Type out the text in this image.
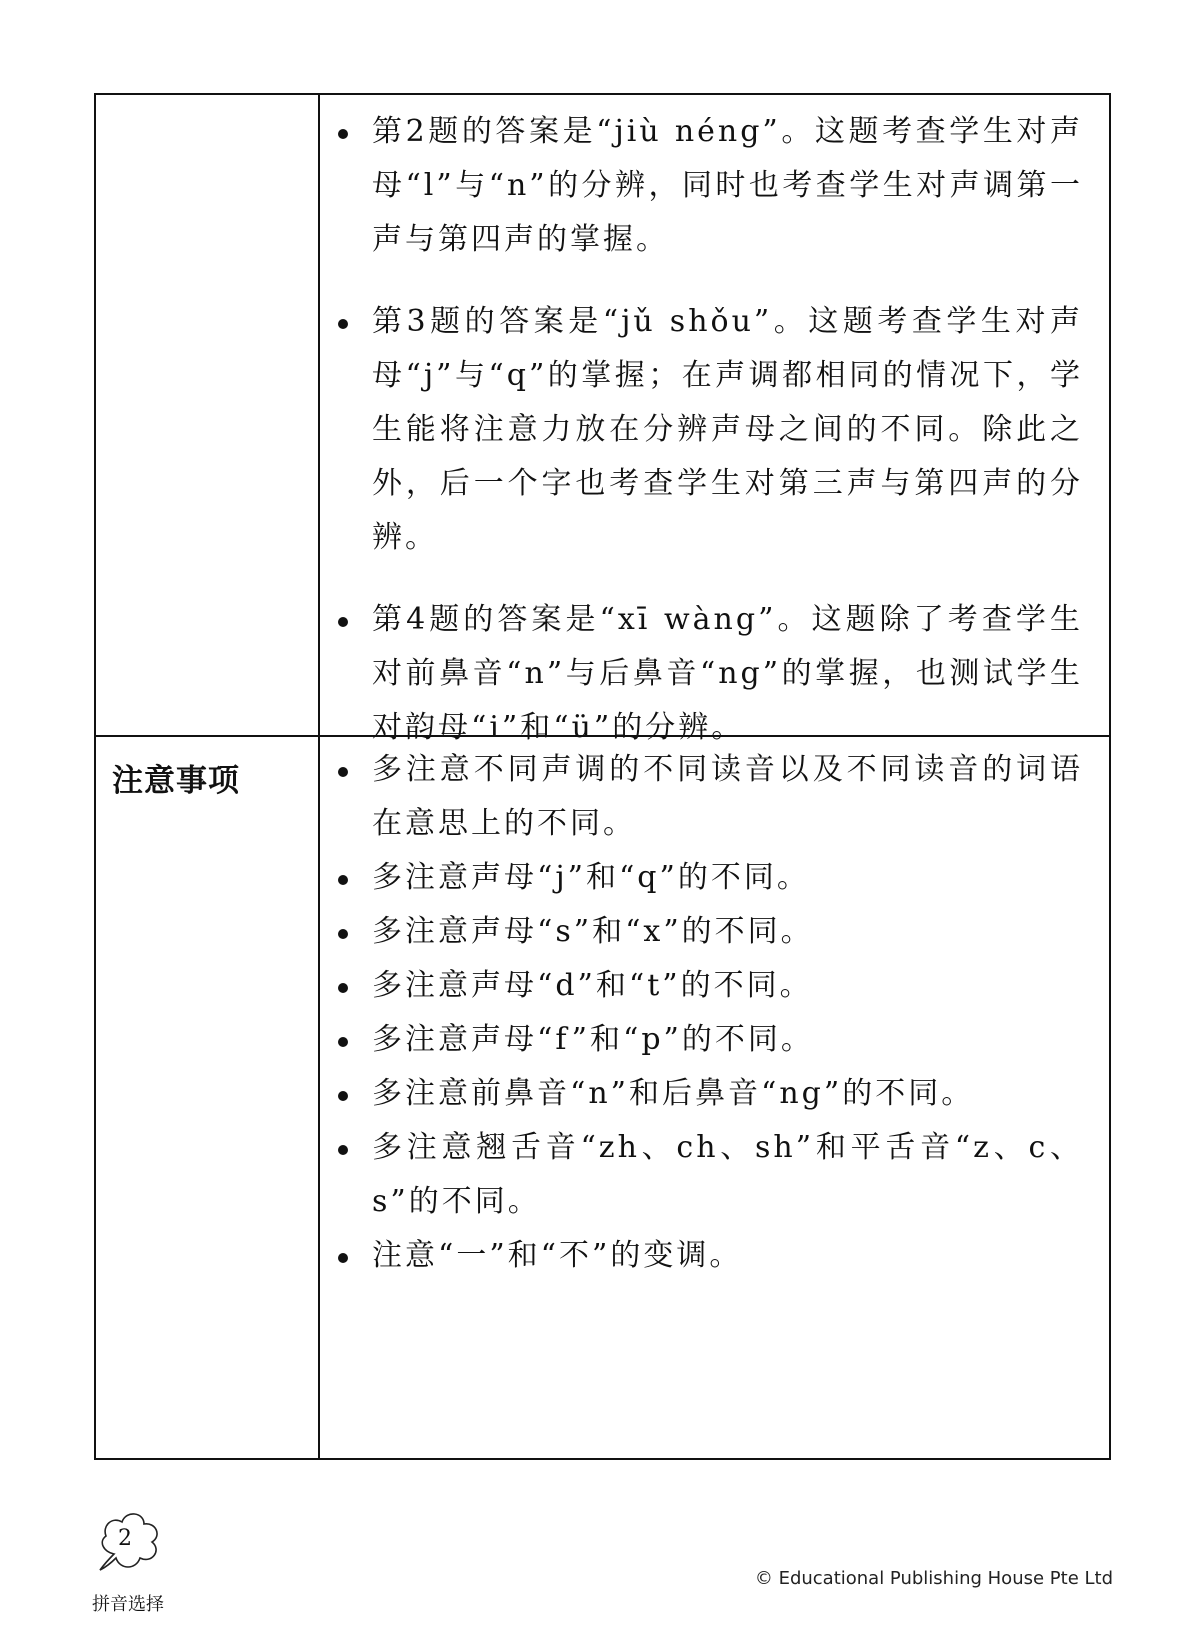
第2题的答案是“jiù néng”。这题考查学生对声母“l”与“n”的分辨，同时也考查学生对声调第一声与第四声的掌握。
第3题的答案是“jǔ shǒu”。这题考查学生对声母“j”与“q”的掌握；在声调都相同的情况下，学生能将注意力放在分辨声母之间的不同。除此之外，后一个字也考查学生对第三声与第四声的分辨。
第4题的答案是“xī wàng”。这题除了考查学生对前鼻音“n”与后鼻音“ng”的掌握，也测试学生对韵母“i”和“ü”的分辨。
注意事项	多注意不同声调的不同读音以及不同读音的词语在意思上的不同。
多注意声母“j”和“q”的不同。
多注意声母“s”和“x”的不同。
多注意声母“d”和“t”的不同。
多注意声母“f”和“p”的不同。
多注意前鼻音“n”和后鼻音“ng”的不同。
多注意翘舌音“zh、ch、sh”和平舌音“z、c、s”的不同。
注意“一”和“不”的变调。
2
拼音选择
© Educational Publishing House Pte Ltd
